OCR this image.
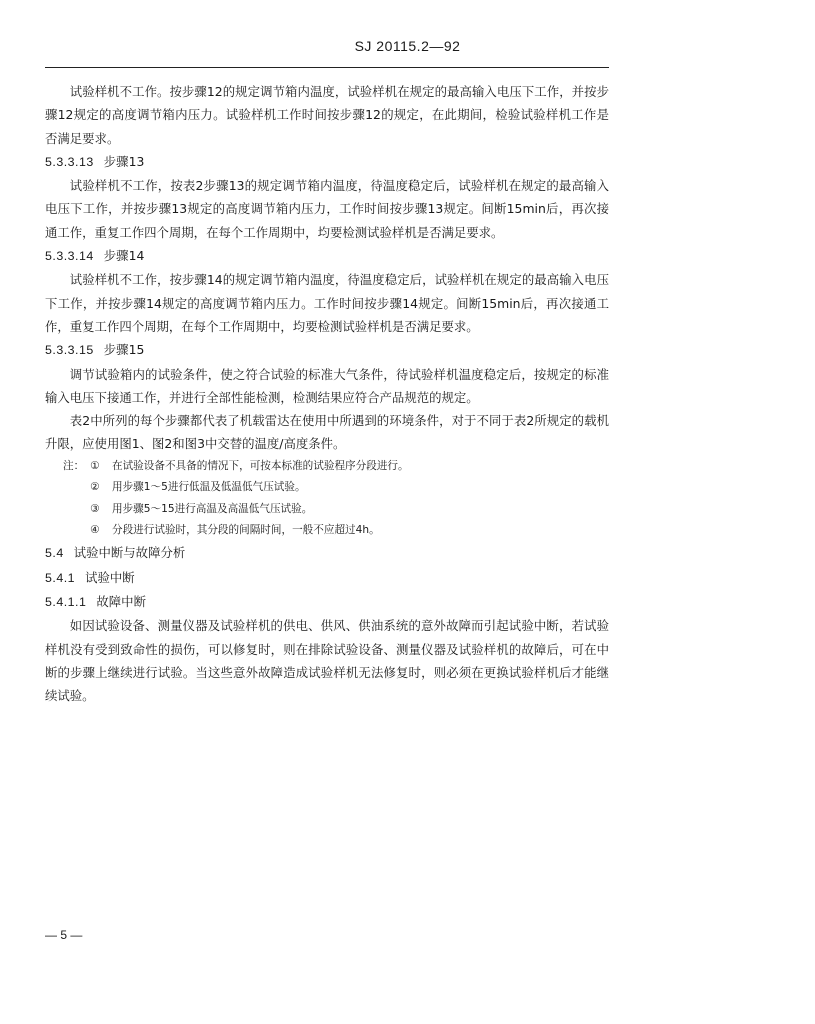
SJ 20115.2—92

试验样机不工作。按步骤12的规定调节箱内温度，试验样机在规定的最高输入电压下工作，并按步骤12规定的高度调节箱内压力。试验样机工作时间按步骤12的规定，在此期间，检验试验样机工作是否满足要求。

5.3.3.13 步骤13

试验样机不工作，按表2步骤13的规定调节箱内温度，待温度稳定后，试验样机在规定的最高输入电压下工作，并按步骤13规定的高度调节箱内压力，工作时间按步骤13规定。间断15min后，再次接通工作，重复工作四个周期，在每个工作周期中，均要检测试验样机是否满足要求。

5.3.3.14 步骤14

试验样机不工作，按步骤14的规定调节箱内温度，待温度稳定后，试验样机在规定的最高输入电压下工作，并按步骤14规定的高度调节箱内压力。工作时间按步骤14规定。间断15min后，再次接通工作，重复工作四个周期，在每个工作周期中，均要检测试验样机是否满足要求。

5.3.3.15 步骤15

调节试验箱内的试验条件，使之符合试验的标准大气条件，待试验样机温度稳定后，按规定的标准输入电压下接通工作，并进行全部性能检测，检测结果应符合产品规范的规定。

表2中所列的每个步骤都代表了机载雷达在使用中所遇到的环境条件，对于不同于表2所规定的载机升限，应使用图1、图2和图3中交替的温度/高度条件。

注： ① 在试验设备不具备的情况下，可按本标准的试验程序分段进行。
② 用步骤1～5进行低温及低温低气压试验。
③ 用步骤5～15进行高温及高温低气压试验。
④ 分段进行试验时，其分段的间隔时间，一般不应超过4h。
5.4 试验中断与故障分析
5.4.1 试验中断
5.4.1.1 故障中断

如因试验设备、测量仪器及试验样机的供电、供风、供油系统的意外故障而引起试验中断，若试验样机没有受到致命性的损伤，可以修复时，则在排除试验设备、测量仪器及试验样机的故障后，可在中断的步骤上继续进行试验。当这些意外故障造成试验样机无法修复时，则必须在更换试验样机后才能继续试验。

— 5 —
